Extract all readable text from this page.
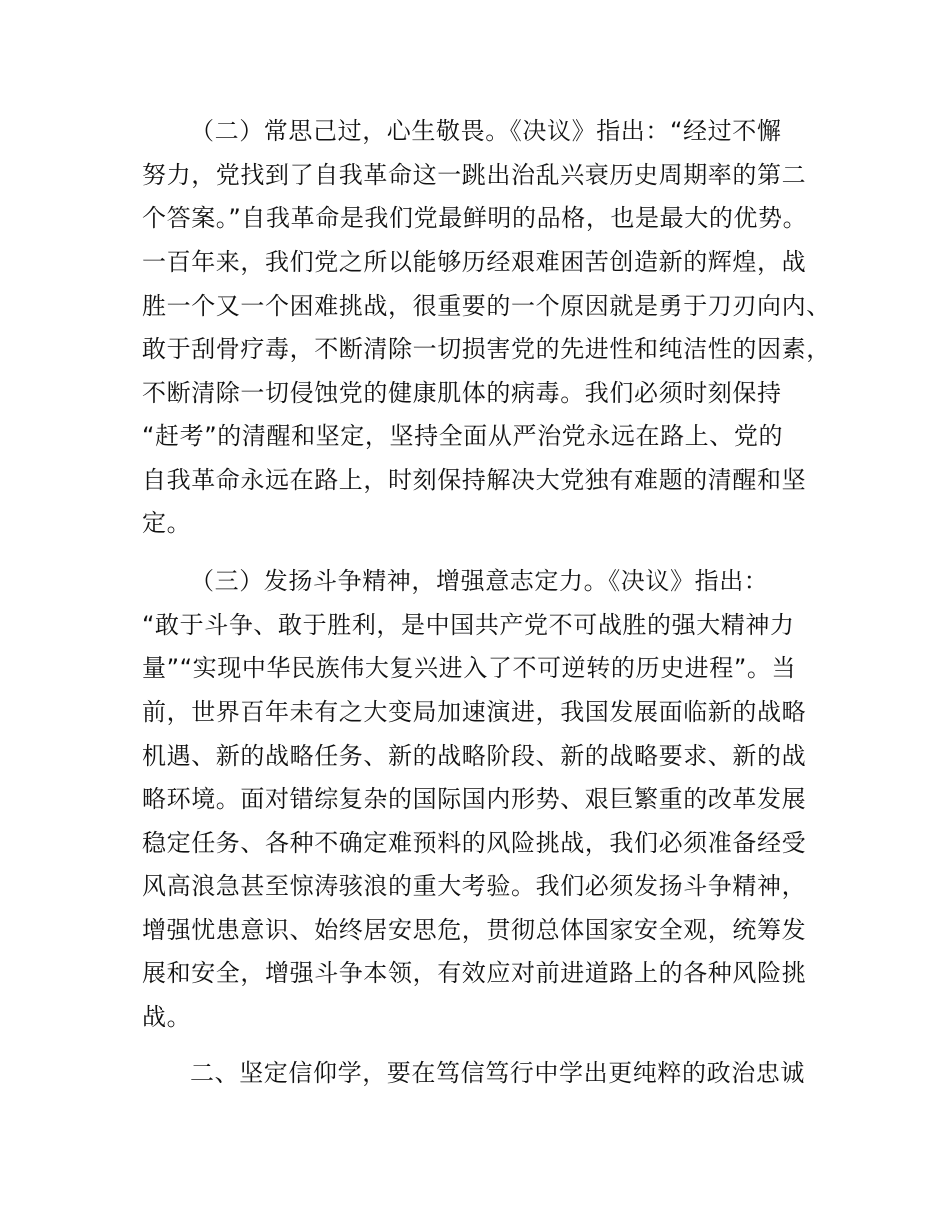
（二）常思己过，心生敬畏。《决议》指出：“经过不懈
努力，党找到了自我革命这一跳出治乱兴衰历史周期率的第二
个答案。”自我革命是我们党最鲜明的品格，也是最大的优势。
一百年来，我们党之所以能够历经艰难困苦创造新的辉煌，战
胜一个又一个困难挑战，很重要的一个原因就是勇于刀刃向内、
敢于刮骨疗毒，不断清除一切损害党的先进性和纯洁性的因素，
不断清除一切侵蚀党的健康肌体的病毒。我们必须时刻保持
“赶考”的清醒和坚定，坚持全面从严治党永远在路上、党的
自我革命永远在路上，时刻保持解决大党独有难题的清醒和坚
定。
（三）发扬斗争精神，增强意志定力。《决议》指出：
“敢于斗争、敢于胜利，是中国共产党不可战胜的强大精神力
量”“实现中华民族伟大复兴进入了不可逆转的历史进程”。当
前，世界百年未有之大变局加速演进，我国发展面临新的战略
机遇、新的战略任务、新的战略阶段、新的战略要求、新的战
略环境。面对错综复杂的国际国内形势、艰巨繁重的改革发展
稳定任务、各种不确定难预料的风险挑战，我们必须准备经受
风高浪急甚至惊涛骇浪的重大考验。我们必须发扬斗争精神，
增强忧患意识、始终居安思危，贯彻总体国家安全观，统筹发
展和安全，增强斗争本领，有效应对前进道路上的各种风险挑
战。
二、坚定信仰学，要在笃信笃行中学出更纯粹的政治忠诚
